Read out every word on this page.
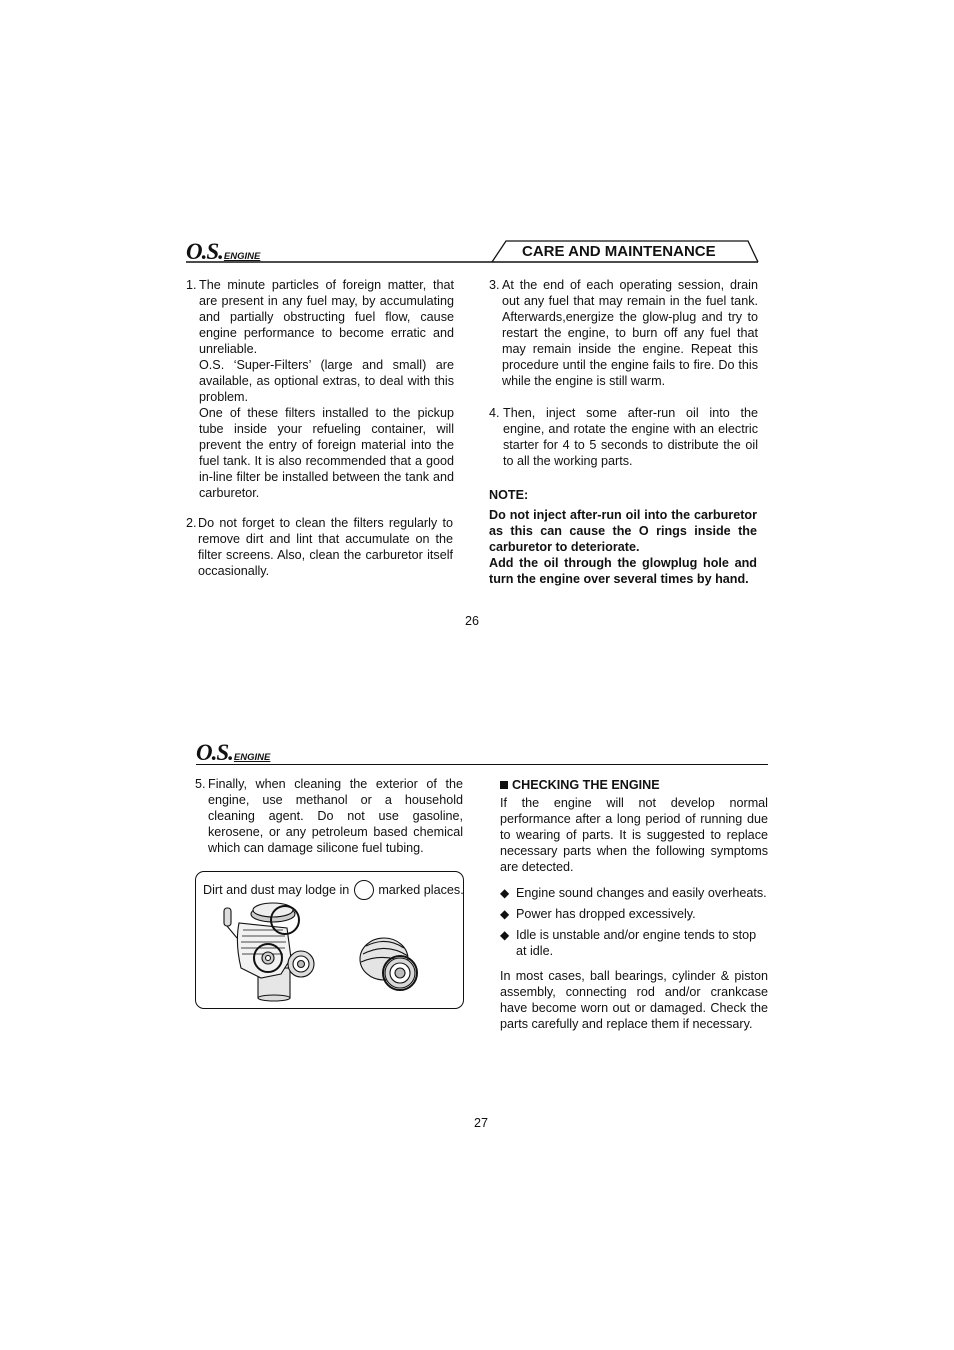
O.S.ENGINE	CARE AND MAINTENANCE
1. The minute particles of foreign matter, that are present in any fuel may, by accumulating and partially obstructing fuel flow, cause engine performance to become erratic and unreliable.

O.S. ‘Super-Filters’ (large and small) are available, as optional extras, to deal with this problem.

One of these filters installed to the pickup tube inside your refueling container, will prevent the entry of foreign material into the fuel tank. It is also recommended that a good in-line filter be installed between the tank and carburetor.

2. Do not forget to clean the filters regularly to remove dirt and lint that accumulate on the filter screens. Also, clean the carburetor itself occasionally.
3. At the end of each operating session, drain out any fuel that may remain in the fuel tank. Afterwards,energize the glow-plug and try to restart the engine, to burn off any fuel that may remain inside the engine. Repeat this procedure until the engine fails to fire. Do this while the engine is still warm.
4. Then, inject some after-run oil into the engine, and rotate the engine with an electric starter for 4 to 5 seconds to distribute the oil to all the working parts.
NOTE:
Do not inject after-run oil into the carburetor as this can cause the O rings inside the carburetor to deteriorate.
Add the oil through the glowplug hole and turn the engine over several times by hand.
26
O.S.ENGINE
5. Finally, when cleaning the exterior of the engine, use methanol or a household cleaning agent. Do not use gasoline, kerosene, or any petroleum based chemical which can damage silicone fuel tubing.
Dirt and dust may lodge in marked places.
CHECKING THE ENGINE
If the engine will not develop normal performance after a long period of running due to wearing of parts. It is suggested to replace necessary parts when the following symptoms are detected.
◆ Engine sound changes and easily overheats.
◆ Power has dropped excessively.
◆ Idle is unstable and/or engine tends to stop at idle.
In most cases, ball bearings, cylinder & piston assembly, connecting rod and/or crankcase have become worn out or damaged. Check the parts carefully and replace them if necessary.
27
